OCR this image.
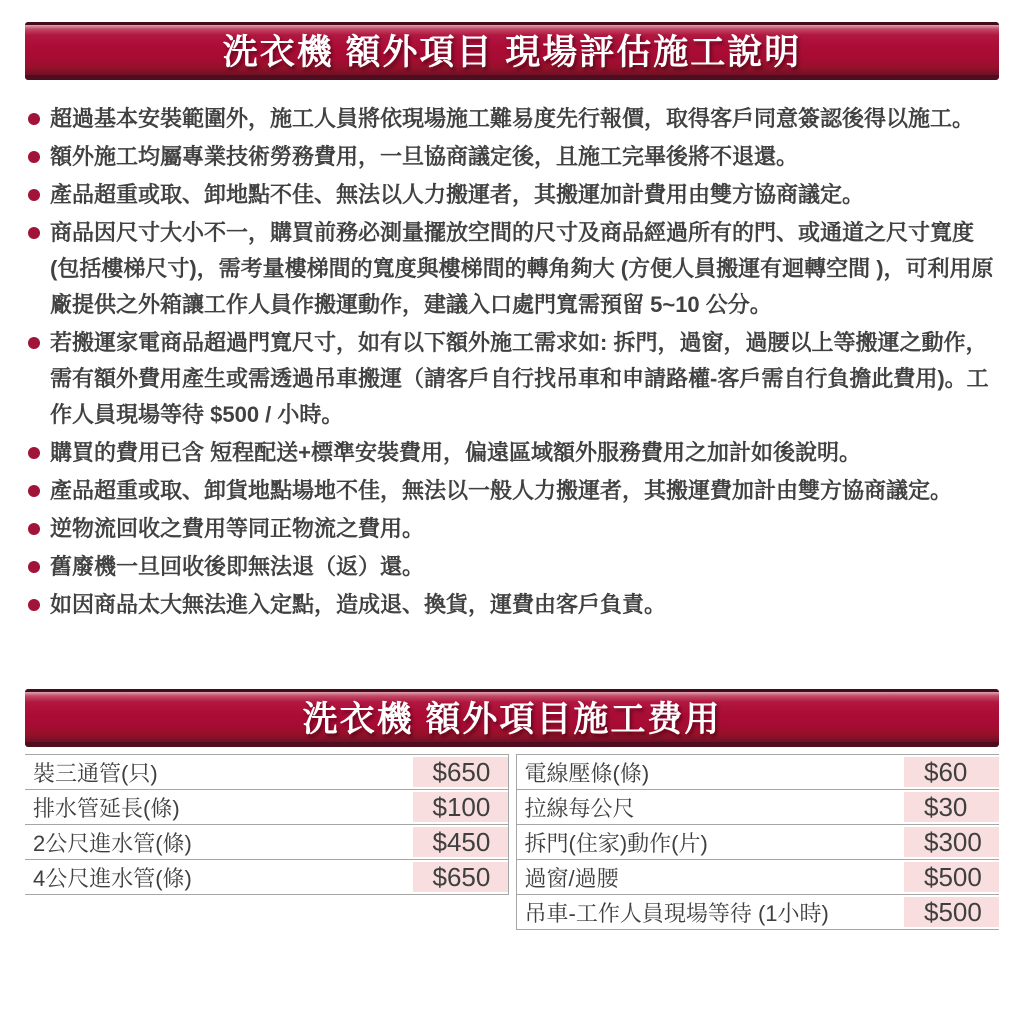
洗衣機 額外項目 現場評估施工說明
超過基本安裝範圍外，施工人員將依現場施工難易度先行報價，取得客戶同意簽認後得以施工。
額外施工均屬專業技術勞務費用，一旦協商議定後，且施工完畢後將不退還。
產品超重或取、卸地點不佳、無法以人力搬運者，其搬運加計費用由雙方協商議定。
商品因尺寸大小不一，購買前務必測量擺放空間的尺寸及商品經過所有的門、或通道之尺寸寬度 (包括樓梯尺寸)，需考量樓梯間的寬度與樓梯間的轉角夠大 (方便人員搬運有迴轉空間 )，可利用原廠提供之外箱讓工作人員作搬運動作，建議入口處門寬需預留 5~10 公分。
若搬運家電商品超過門寬尺寸，如有以下額外施工需求如: 拆門，過窗，過腰以上等搬運之動作，需有額外費用產生或需透過吊車搬運（請客戶自行找吊車和申請路權-客戶需自行負擔此費用)。工作人員現場等待 $500 / 小時。
購買的費用已含 短程配送+標準安裝費用，偏遠區域額外服務費用之加計如後說明。
產品超重或取、卸貨地點場地不佳，無法以一般人力搬運者，其搬運費加計由雙方協商議定。
逆物流回收之費用等同正物流之費用。
舊廢機一旦回收後即無法退（返）還。
如因商品太大無法進入定點，造成退、換貨，運費由客戶負責。
洗衣機 額外項目施工费用
裝三通管(只)	$650
排水管延長(條)	$100
2公尺進水管(條)	$450
4公尺進水管(條)	$650
電線壓條(條)	$60
拉線每公尺	$30
拆門(住家)動作(片)	$300
過窗/過腰	$500
吊車-工作人員現場等待 (1小時)	$500
